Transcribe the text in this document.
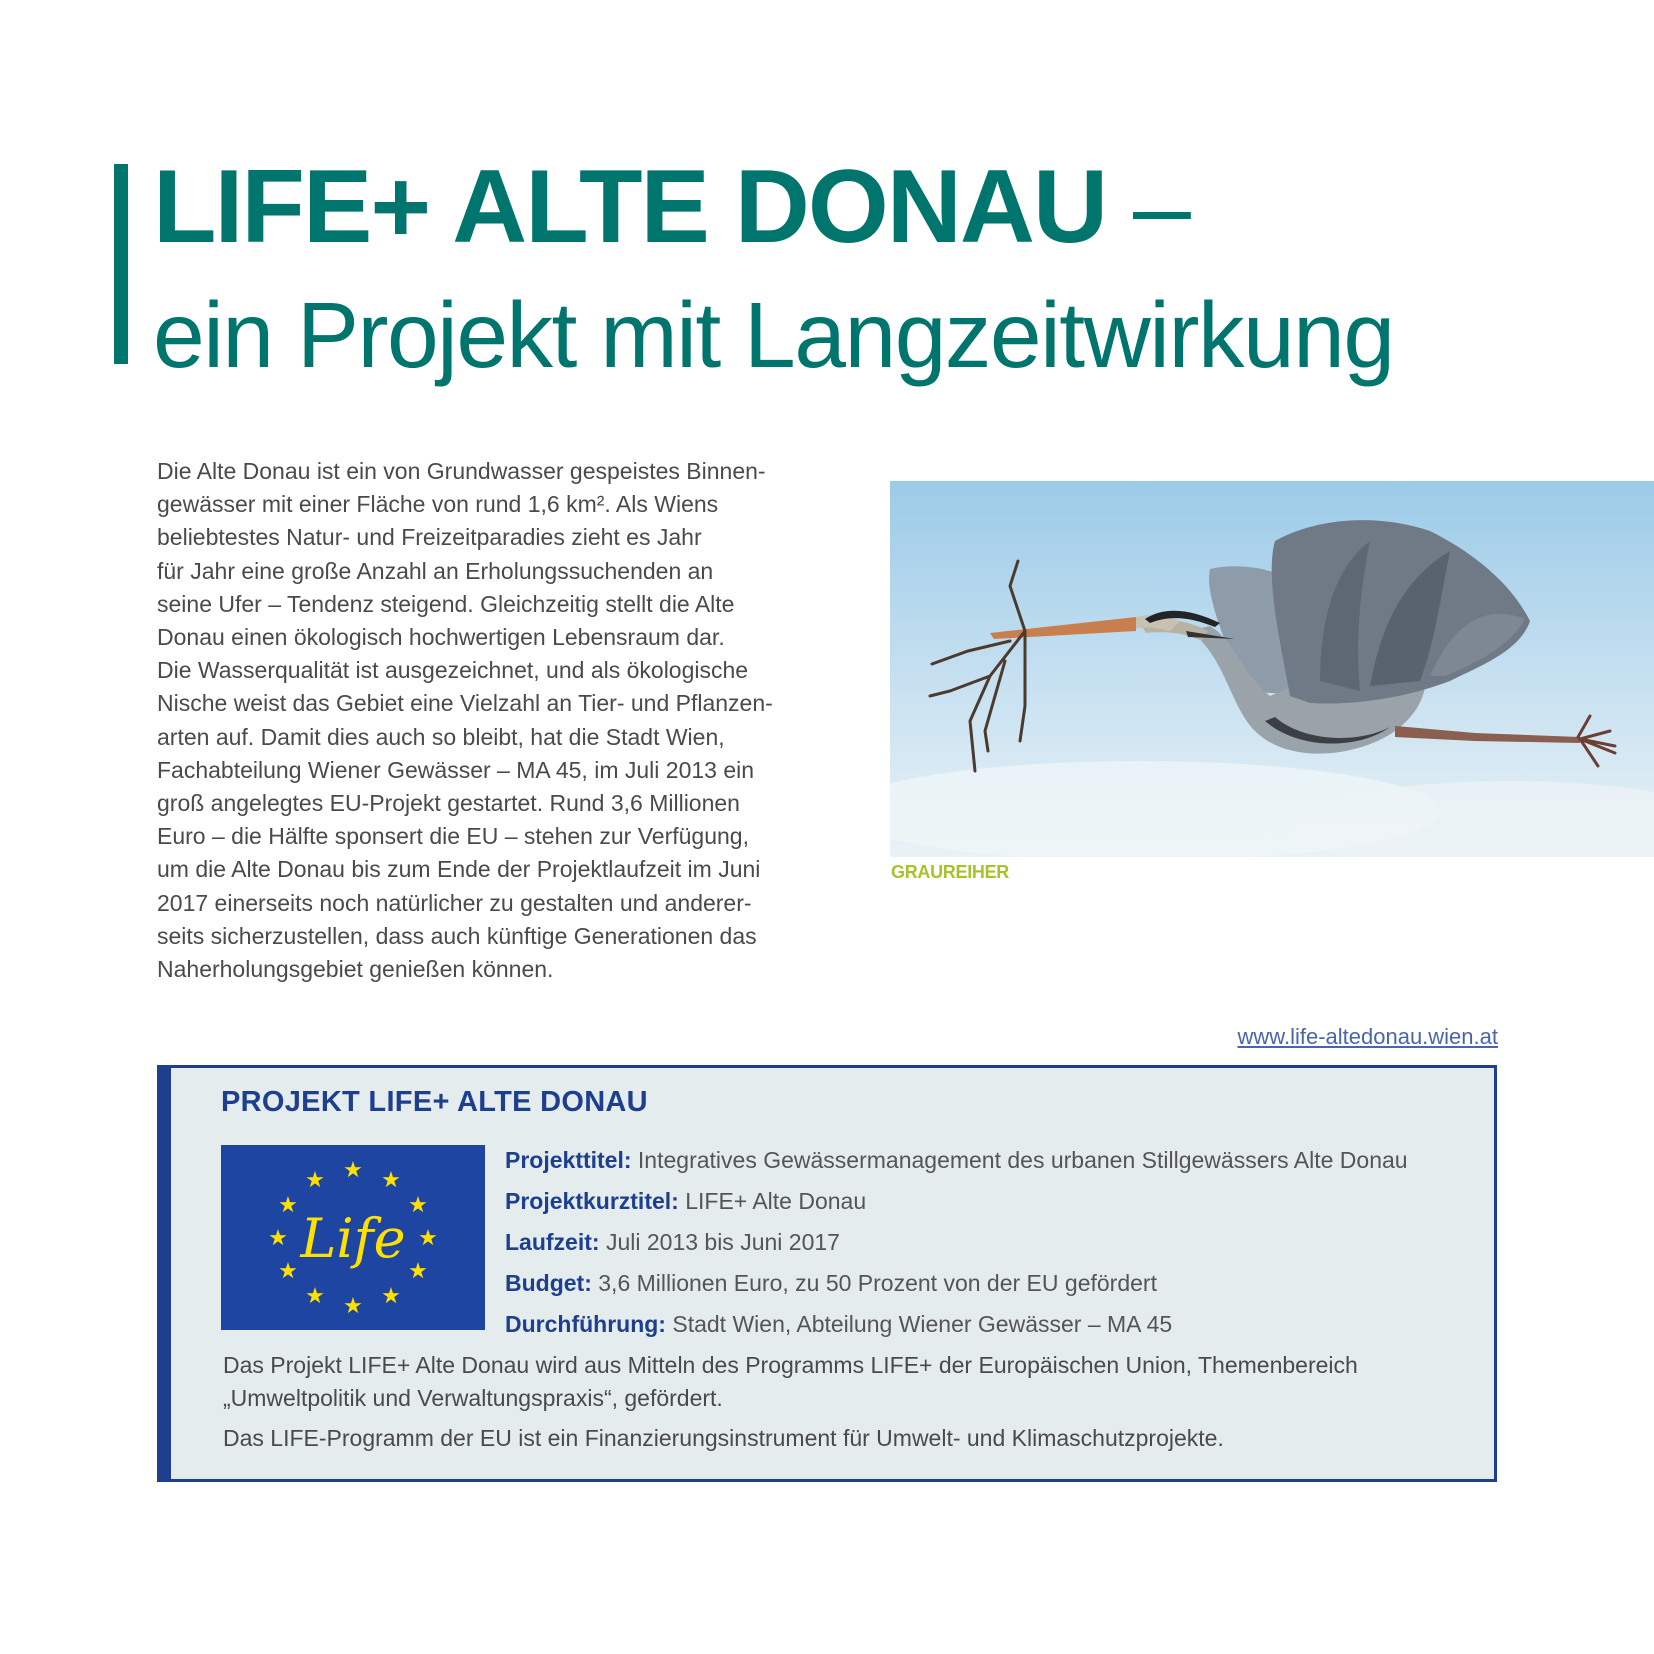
LIFE+ ALTE DONAU –
ein Projekt mit Langzeitwirkung

Die Alte Donau ist ein von Grundwasser gespeistes Binnen-

gewässer mit einer Fläche von rund 1,6 km². Als Wiens

beliebtestes Natur- und Freizeitparadies zieht es Jahr

für Jahr eine große Anzahl an Erholungssuchenden an

seine Ufer – Tendenz steigend. Gleichzeitig stellt die Alte

Donau einen ökologisch hochwertigen Lebensraum dar.

Die Wasserqualität ist ausgezeichnet, und als ökologische

Nische weist das Gebiet eine Vielzahl an Tier- und Pflanzen-

arten auf. Damit dies auch so bleibt, hat die Stadt Wien,

Fachabteilung Wiener Gewässer – MA 45, im Juli 2013 ein

groß angelegtes EU-Projekt gestartet. Rund 3,6 Millionen

Euro – die Hälfte sponsert die EU – stehen zur Verfügung,

um die Alte Donau bis zum Ende der Projektlaufzeit im Juni

2017 einerseits noch natürlicher zu gestalten und anderer-

seits sicherzustellen, dass auch künftige Generationen das

Naherholungsgebiet genießen können.

GRAUREIHER
www.life-altedonau.wien.at
PROJEKT LIFE+ ALTE DONAU
★ ★
★
★
★
★
★
★
★
★
★
★
Life
Projekttitel: Integratives Gewässermanagement des urbanen Stillgewässers Alte Donau
Projektkurztitel: LIFE+ Alte Donau
Laufzeit: Juli 2013 bis Juni 2017
Budget: 3,6 Millionen Euro, zu 50 Prozent von der EU gefördert
Durchführung: Stadt Wien, Abteilung Wiener Gewässer – MA 45

Das Projekt LIFE+ Alte Donau wird aus Mitteln des Programms LIFE+ der Europäischen Union, Themenbereich
„Umweltpolitik und Verwaltungspraxis“, gefördert.

Das LIFE-Programm der EU ist ein Finanzierungsinstrument für Umwelt- und Klimaschutzprojekte.
